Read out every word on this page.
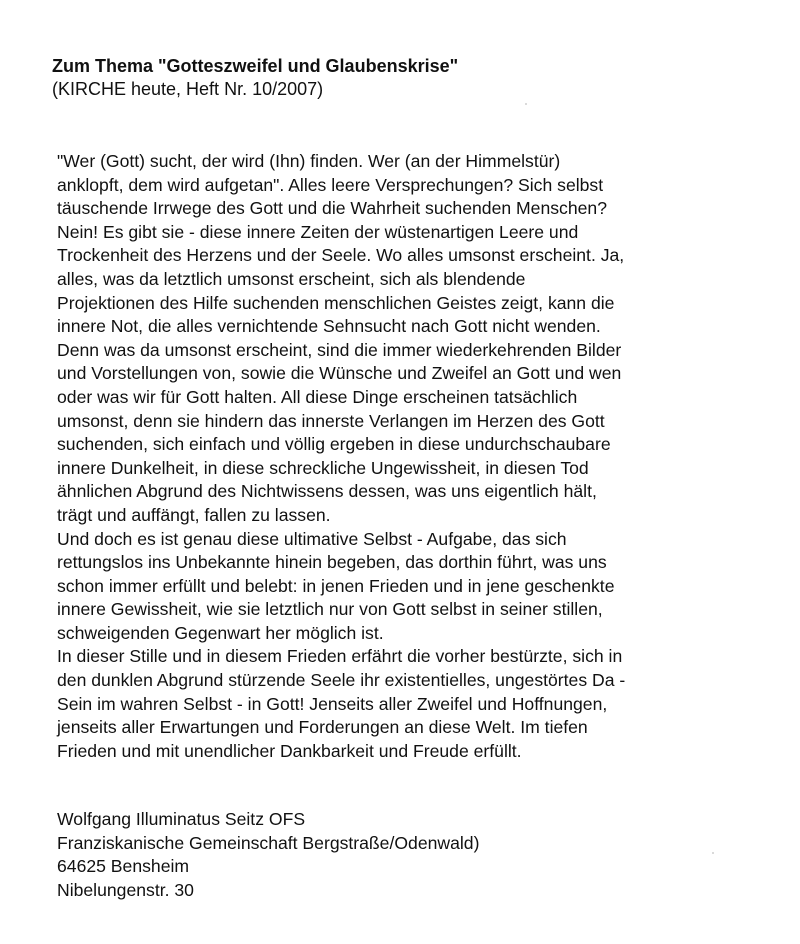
Zum Thema "Gotteszweifel und Glaubenskrise"

(KIRCHE heute, Heft Nr. 10/2007)

"Wer (Gott) sucht, der wird (Ihn) finden. Wer (an der Himmelstür)
anklopft, dem wird aufgetan". Alles leere Versprechungen? Sich selbst
täuschende Irrwege des Gott und die Wahrheit suchenden Menschen?
Nein! Es gibt sie - diese innere Zeiten der wüstenartigen Leere und
Trockenheit des Herzens und der Seele. Wo alles umsonst erscheint. Ja,
alles, was da letztlich umsonst erscheint, sich als blendende
Projektionen des Hilfe suchenden menschlichen Geistes zeigt, kann die
innere Not, die alles vernichtende Sehnsucht nach Gott nicht wenden.
Denn was da umsonst erscheint, sind die immer wiederkehrenden Bilder
und Vorstellungen von, sowie die Wünsche und Zweifel an Gott und wen
oder was wir für Gott halten. All diese Dinge erscheinen tatsächlich
umsonst, denn sie hindern das innerste Verlangen im Herzen des Gott
suchenden, sich einfach und völlig ergeben in diese undurchschaubare
innere Dunkelheit, in diese schreckliche Ungewissheit, in diesen Tod
ähnlichen Abgrund des Nichtwissens dessen, was uns eigentlich hält,
trägt und auffängt, fallen zu lassen.
Und doch es ist genau diese ultimative Selbst - Aufgabe, das sich
rettungslos ins Unbekannte hinein begeben, das dorthin führt, was uns
schon immer erfüllt und belebt: in jenen Frieden und in jene geschenkte
innere Gewissheit, wie sie letztlich nur von Gott selbst in seiner stillen,
schweigenden Gegenwart her möglich ist.
In dieser Stille und in diesem Frieden erfährt die vorher bestürzte, sich in
den dunklen Abgrund stürzende Seele ihr existentielles, ungestörtes Da -
Sein im wahren Selbst - in Gott! Jenseits aller Zweifel und Hoffnungen,
jenseits aller Erwartungen und Forderungen an diese Welt. Im tiefen
Frieden und mit unendlicher Dankbarkeit und Freude erfüllt.
Wolfgang Illuminatus Seitz OFS
Franziskanische Gemeinschaft Bergstraße/Odenwald)
64625 Bensheim
Nibelungenstr. 30
